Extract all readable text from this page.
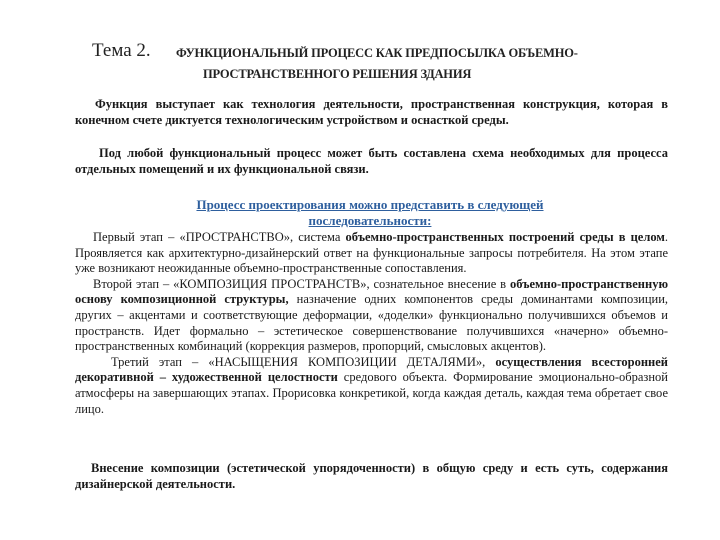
Тема 2. ФУНКЦИОНАЛЬНЫЙ ПРОЦЕСС КАК ПРЕДПОСЫЛКА ОБЪЕМНО-
ПРОСТРАНСТВЕННОГО РЕШЕНИЯ ЗДАНИЯ
Функция выступает как технология деятельности, пространственная конструкция, которая в конечном счете диктуется технологическим устройством и оснасткой среды.
Под любой функциональный процесс может быть составлена схема необходимых для процесса отдельных помещений и их функциональной связи.
Процесс проектирования можно представить в следующей последовательности:

Первый этап – «ПРОСТРАНСТВО», система объемно-пространственных построений среды в целом. Проявляется как архитектурно-дизайнерский ответ на функциональные запросы потребителя. На этом этапе уже возникают неожиданные объемно-пространственные сопоставления.

Второй этап – «КОМПОЗИЦИЯ ПРОСТРАНСТВ», сознательное внесение в объемно-пространственную основу композиционной структуры, назначение одних компонентов среды доминантами композиции, других – акцентами и соответствующие деформации, «доделки» функционально получившихся объемов и пространств. Идет формально – эстетическое совершенствование получившихся «начерно» объемно-пространственных комбинаций (коррекция размеров, пропорций, смысловых акцентов).

Третий этап – «НАСЫЩЕНИЯ КОМПОЗИЦИИ ДЕТАЛЯМИ», осуществления всесторонней декоративной – художественной целостности средового объекта. Формирование эмоционально-образной атмосферы на завершающих этапах. Прорисовка конкретикой, когда каждая деталь, каждая тема обретает свое лицо.

Внесение композиции (эстетической упорядоченности) в общую среду и есть суть, содержания дизайнерской деятельности.
